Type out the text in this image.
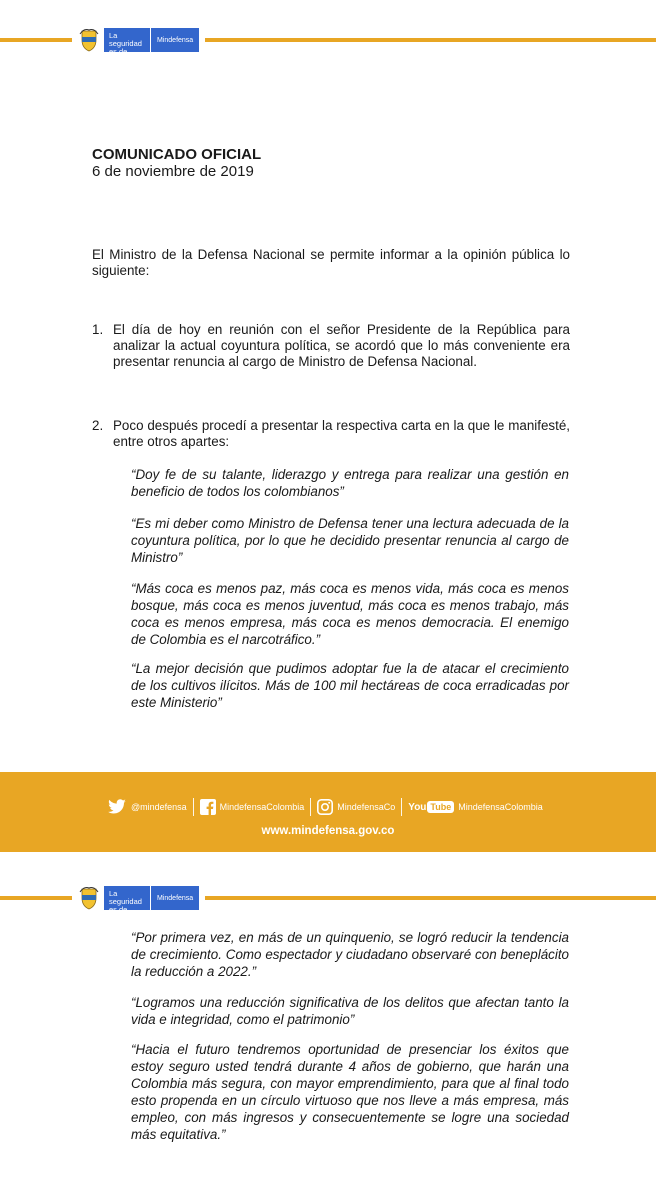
La seguridad
es de todos
Mindefensa
COMUNICADO OFICIAL
6 de noviembre de 2019
El Ministro de la Defensa Nacional se permite informar a la opinión pública lo siguiente:
1. El día de hoy en reunión con el señor Presidente de la República para analizar la actual coyuntura política, se acordó que lo más conveniente era presentar renuncia al cargo de Ministro de Defensa Nacional.
2. Poco después procedí a presentar la respectiva carta en la que le manifesté, entre otros apartes:
“Doy fe de su talante, liderazgo y entrega para realizar una gestión en beneficio de todos los colombianos”
“Es mi deber como Ministro de Defensa tener una lectura adecuada de la coyuntura política, por lo que he decidido presentar renuncia al cargo de Ministro”
“Más coca es menos paz, más coca es menos vida, más coca es menos bosque, más coca es menos juventud, más coca es menos trabajo, más coca es menos empresa, más coca es menos democracia. El enemigo de Colombia es el narcotráfico.”
“La mejor decisión que pudimos adoptar fue la de atacar el crecimiento de los cultivos ilícitos. Más de 100 mil hectáreas de coca erradicadas por este Ministerio”
@mindefensa	MindefensaColombia	MindefensaCo You Tube MindefensaColombia
www.mindefensa.gov.co
La seguridad
es de todos
Mindefensa
“Por primera vez, en más de un quinquenio, se logró reducir la tendencia de crecimiento. Como espectador y ciudadano observaré con beneplácito la reducción a 2022.”
“Logramos una reducción significativa de los delitos que afectan tanto la vida e integridad, como el patrimonio”
“Hacia el futuro tendremos oportunidad de presenciar los éxitos que estoy seguro usted tendrá durante 4 años de gobierno, que harán una Colombia más segura, con mayor emprendimiento, para que al final todo esto propenda en un círculo virtuoso que nos lleve a más empresa, más empleo, con más ingresos y consecuentemente se logre una sociedad más equitativa.”
